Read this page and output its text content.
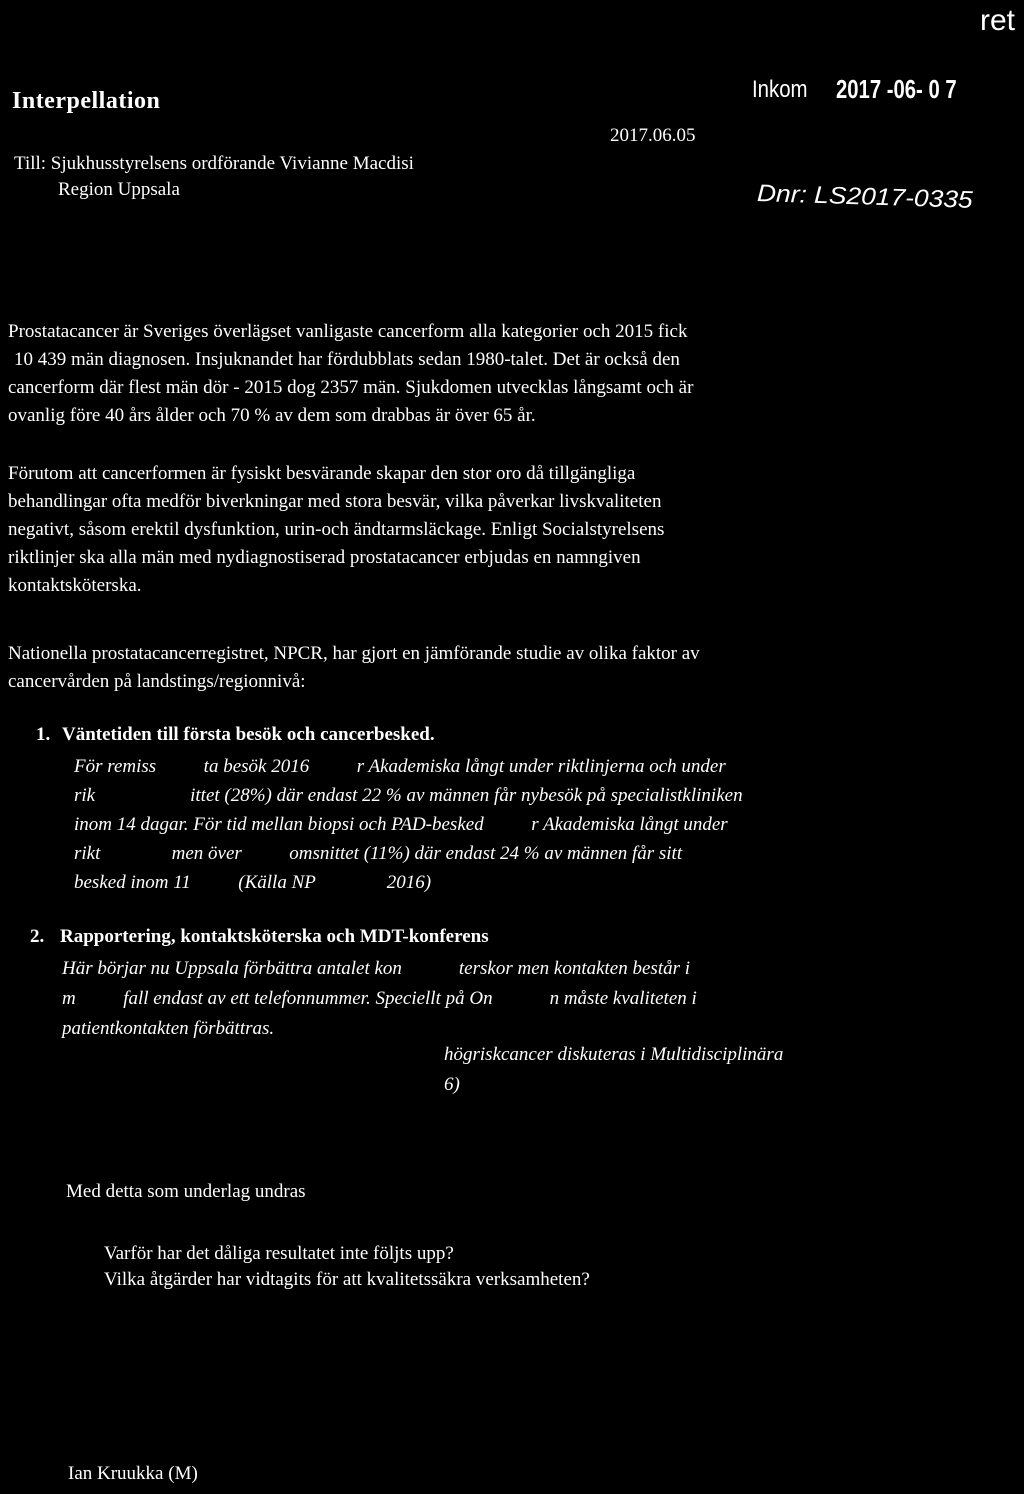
ret
Inkom 2017 -06- 0 7
Dnr: LS2017-0335
Interpellation
2017.06.05
Till: Sjukhusstyrelsens ordförande Vivianne Macdisi
Region Uppsala

Prostatacancer är Sveriges överlägset vanligaste cancerform alla kategorier och 2015 fick
10 439 män diagnosen. Insjuknandet har fördubblats sedan 1980-talet. Det är också den
cancerform där flest män dör - 2015 dog 2357 män. Sjukdomen utvecklas långsamt och är
ovanlig före 40 års ålder och 70 % av dem som drabbas är över 65 år.

Förutom att cancerformen är fysiskt besvärande skapar den stor oro då tillgängliga
behandlingar ofta medför biverkningar med stora besvär, vilka påverkar livskvaliteten
negativt, såsom erektil dysfunktion, urin-och ändtarmsläckage. Enligt Socialstyrelsens
riktlinjer ska alla män med nydiagnostiserad prostatacancer erbjudas en namngiven
kontaktsköterska.

Nationella prostatacancerregistret, NPCR, har gjort en jämförande studie av olika faktor av
cancervården på landstings/regionnivå:

1. Väntetiden till första besök och cancerbesked.
För remiss          ta besök 2016          r Akademiska långt under riktlinjerna och under
rik                    ittet (28%) där endast 22 % av männen får nybesök på specialistkliniken
inom 14 dagar. För tid mellan biopsi och PAD-besked          r Akademiska långt under
rikt               men över          omsnittet (11%) där endast 24 % av männen får sitt
besked inom 11          (Källa NP               2016)
2. Rapportering, kontaktsköterska och MDT-konferens
Här börjar nu Uppsala förbättra antalet kon            terskor men kontakten består i
m          fall endast av ett telefonnummer. Speciellt på On            n måste kvaliteten i
patientkontakten förbättras.
högriskcancer diskuteras i Multidisciplinära
6)
Med detta som underlag undras
Varför har det dåliga resultatet inte följts upp?
Vilka åtgärder har vidtagits för att kvalitetssäkra verksamheten?
Ian Kruukka (M)
